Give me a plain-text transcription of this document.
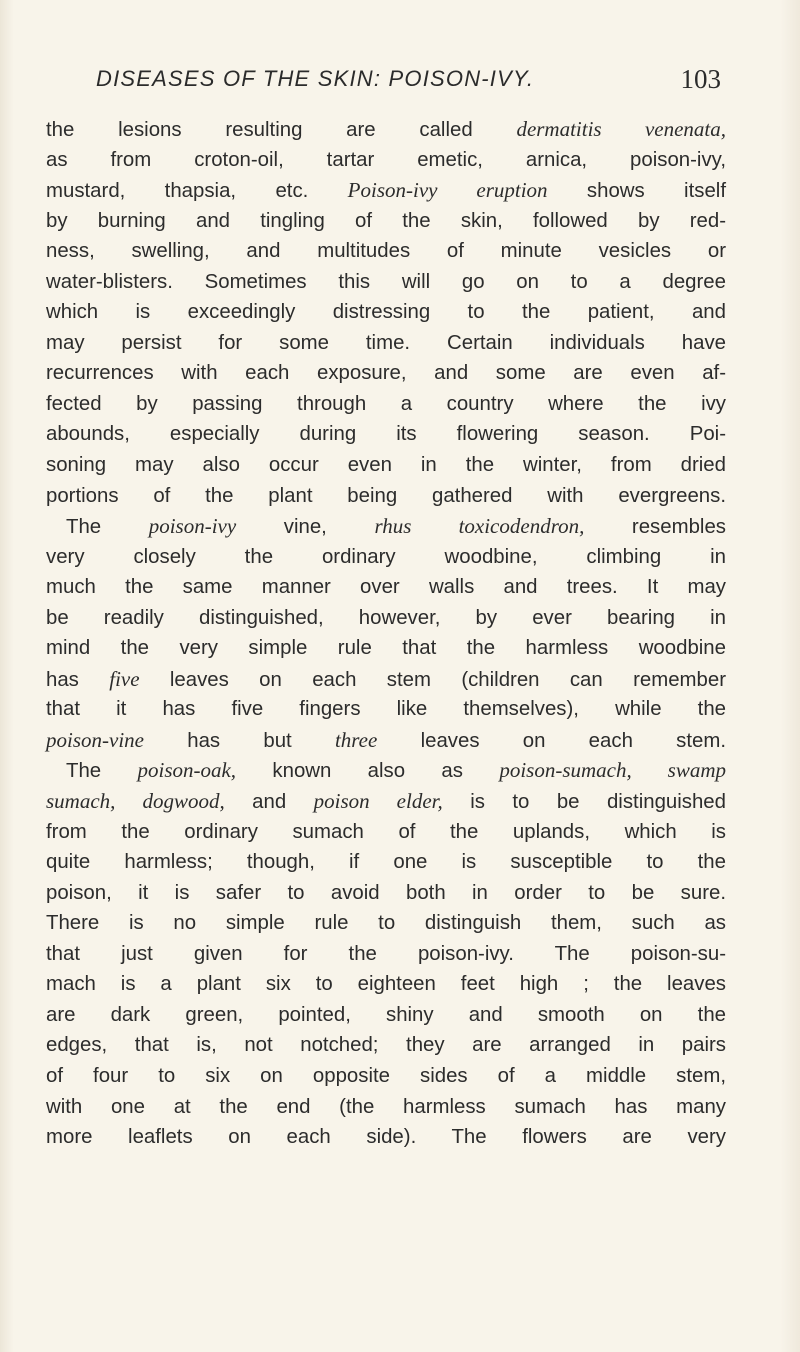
DISEASES OF THE SKIN: POISON-IVY.	103
the lesions resulting are called dermatitis venenata,
as from croton-oil, tartar emetic, arnica, poison-ivy,
mustard, thapsia, etc. Poison-ivy eruption shows itself
by burning and tingling of the skin, followed by red-
ness, swelling, and multitudes of minute vesicles or
water-blisters. Sometimes this will go on to a degree
which is exceedingly distressing to the patient, and
may persist for some time. Certain individuals have
recurrences with each exposure, and some are even af-
fected by passing through a country where the ivy
abounds, especially during its flowering season. Poi-
soning may also occur even in the winter, from dried
portions of the plant being gathered with evergreens.
The poison-ivy vine, rhus toxicodendron, resembles
very closely the ordinary woodbine, climbing in
much the same manner over walls and trees. It may
be readily distinguished, however, by ever bearing in
mind the very simple rule that the harmless woodbine
has five leaves on each stem (children can remember
that it has five fingers like themselves), while the
poison-vine has but three leaves on each stem.
The poison-oak, known also as poison-sumach, swamp
sumach, dogwood, and poison elder, is to be distinguished
from the ordinary sumach of the uplands, which is
quite harmless; though, if one is susceptible to the
poison, it is safer to avoid both in order to be sure.
There is no simple rule to distinguish them, such as
that just given for the poison-ivy. The poison-su-
mach is a plant six to eighteen feet high ; the leaves
are dark green, pointed, shiny and smooth on the
edges, that is, not notched; they are arranged in pairs
of four to six on opposite sides of a middle stem,
with one at the end (the harmless sumach has many
more leaflets on each side). The flowers are very
